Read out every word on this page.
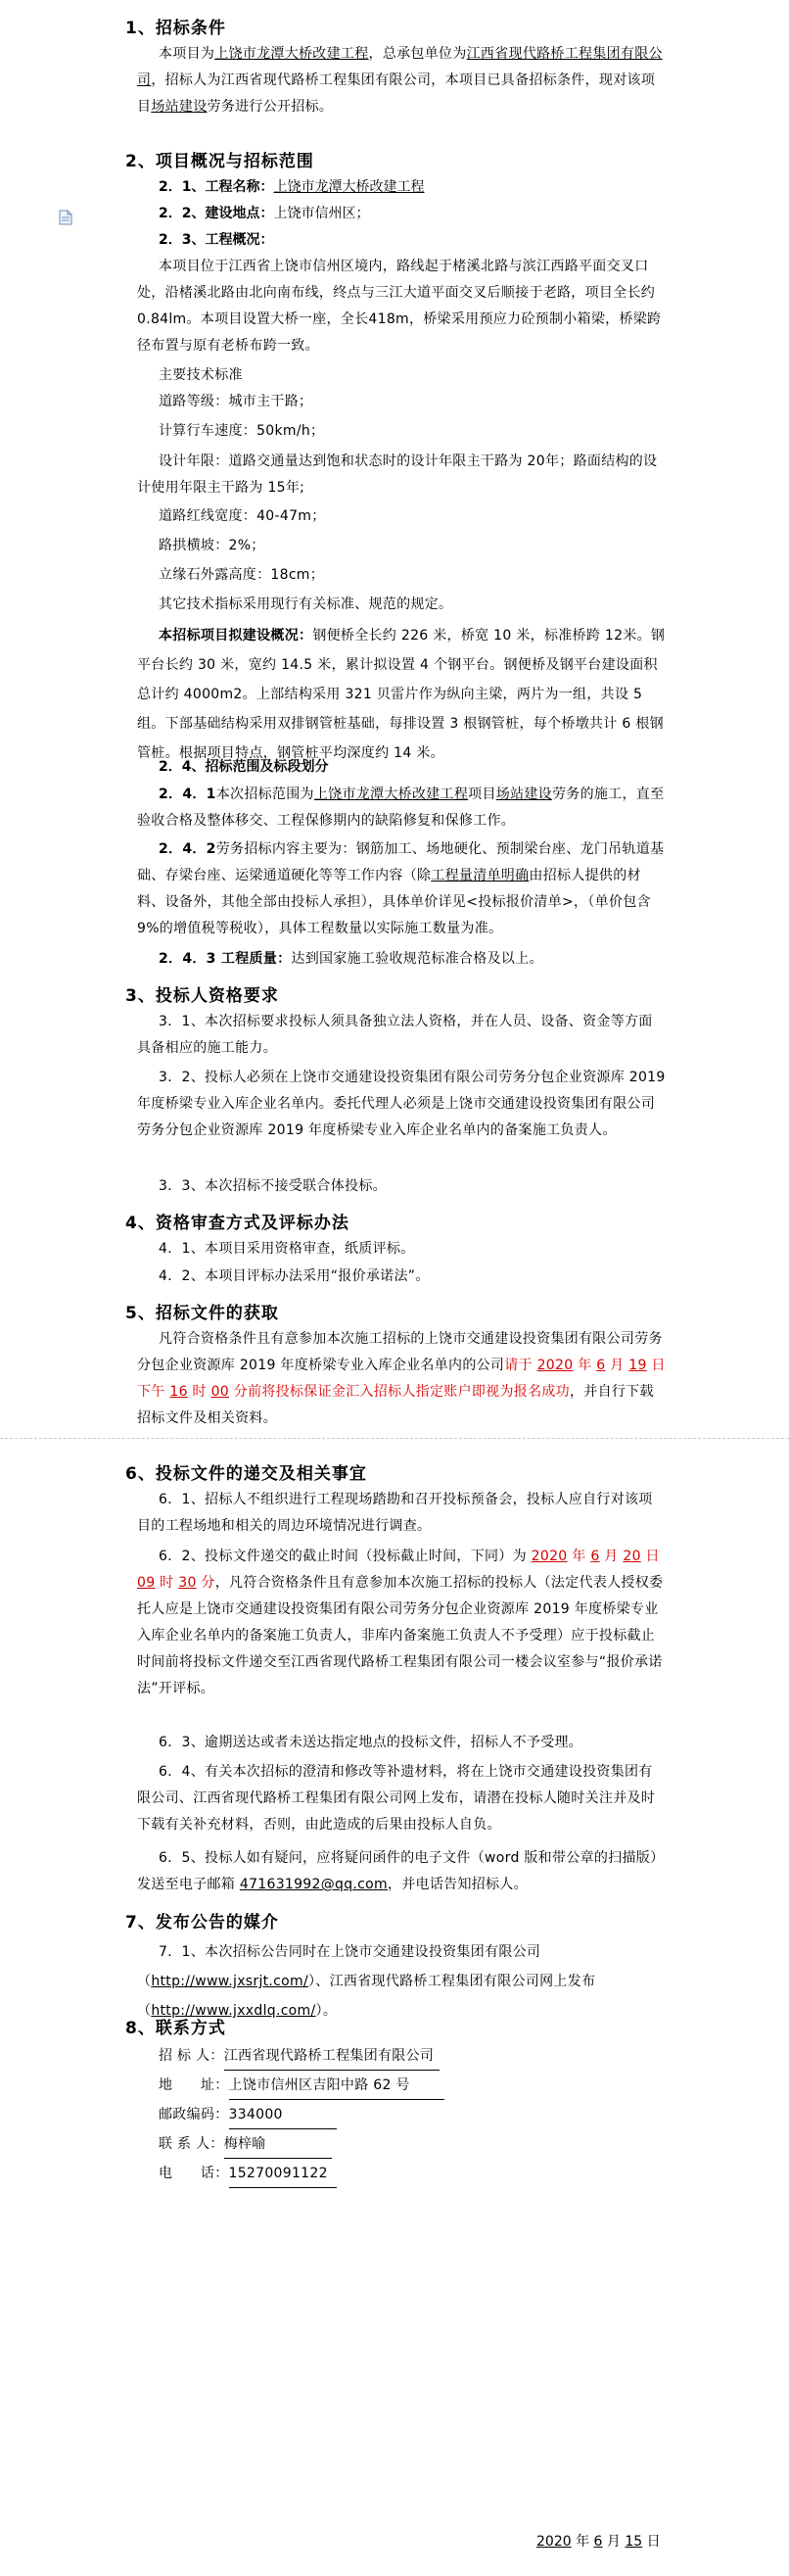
1、招标条件

本项目为上饶市龙潭大桥改建工程，总承包单位为江西省现代路桥工程集团有限公司，招标人为江西省现代路桥工程集团有限公司，本项目已具备招标条件，现对该项目场站建设劳务进行公开招标。

2、项目概况与招标范围
2．1、工程名称：上饶市龙潭大桥改建工程
2．2、建设地点：上饶市信州区；
2．3、工程概况：

本项目位于江西省上饶市信州区境内，路线起于楮溪北路与滨江西路平面交叉口处，沿楮溪北路由北向南布线，终点与三江大道平面交叉后顺接于老路，项目全长约0.84lm。本项目设置大桥一座，全长418m，桥梁采用预应力砼预制小箱梁，桥梁跨径布置与原有老桥布跨一致。

主要技术标准
道路等级：城市主干路；
计算行车速度：50km/h；

设计年限：道路交通量达到饱和状态时的设计年限主干路为 20年；路面结构的设计使用年限主干路为 15年;

道路红线宽度：40-47m；
路拱横坡：2%；
立缘石外露高度：18cm；
其它技术指标采用现行有关标准、规范的规定。

本招标项目拟建设概况：钢便桥全长约 226 米，桥宽 10 米，标准桥跨 12米。钢平台长约 30 米，宽约 14.5 米，累计拟设置 4 个钢平台。钢便桥及钢平台建设面积总计约 4000m2。上部结构采用 321 贝雷片作为纵向主梁，两片为一组，共设 5 组。下部基础结构采用双排钢管桩基础，每排设置 3 根钢管桩，每个桥墩共计 6 根钢管桩。根据项目特点，钢管桩平均深度约 14 米。

2．4、招标范围及标段划分

2．4．1本次招标范围为上饶市龙潭大桥改建工程项目场站建设劳务的施工，直至验收合格及整体移交、工程保修期内的缺陷修复和保修工作。

2．4．2劳务招标内容主要为：钢筋加工、场地硬化、预制梁台座、龙门吊轨道基础、存梁台座、运梁通道硬化等等工作内容（除工程量清单明确由招标人提供的材料、设备外，其他全部由投标人承担），具体单价详见<投标报价清单>，（单价包含 9%的增值税等税收），具体工程数量以实际施工数量为准。

2．4．3 工程质量：达到国家施工验收规范标准合格及以上。
3、投标人资格要求

3．1、本次招标要求投标人须具备独立法人资格，并在人员、设备、资金等方面具备相应的施工能力。

3．2、投标人必须在上饶市交通建设投资集团有限公司劳务分包企业资源库 2019 年度桥梁专业入库企业名单内。委托代理人必须是上饶市交通建设投资集团有限公司劳务分包企业资源库 2019 年度桥梁专业入库企业名单内的备案施工负责人。

3．3、本次招标不接受联合体投标。
4、资格审查方式及评标办法
4．1、本项目采用资格审查，纸质评标。
4．2、本项目评标办法采用“报价承诺法”。
5、招标文件的获取

凡符合资格条件且有意参加本次施工招标的上饶市交通建设投资集团有限公司劳务分包企业资源库 2019 年度桥梁专业入库企业名单内的公司请于 2020 年 6 月 19 日下午 16 时 00 分前将投标保证金汇入招标人指定账户即视为报名成功，并自行下载招标文件及相关资料。

6、投标文件的递交及相关事宜

6．1、招标人不组织进行工程现场踏勘和召开投标预备会，投标人应自行对该项目的工程场地和相关的周边环境情况进行调查。

6．2、投标文件递交的截止时间（投标截止时间，下同）为 2020 年 6 月 20 日 09 时 30 分，凡符合资格条件且有意参加本次施工招标的投标人（法定代表人授权委托人应是上饶市交通建设投资集团有限公司劳务分包企业资源库 2019 年度桥梁专业入库企业名单内的备案施工负责人，非库内备案施工负责人不予受理）应于投标截止时间前将投标文件递交至江西省现代路桥工程集团有限公司一楼会议室参与“报价承诺法”开评标。

6．3、逾期送达或者未送达指定地点的投标文件，招标人不予受理。

6．4、有关本次招标的澄清和修改等补遗材料，将在上饶市交通建设投资集团有限公司、江西省现代路桥工程集团有限公司网上发布，请潜在投标人随时关注并及时下载有关补充材料，否则，由此造成的后果由投标人自负。

6．5、投标人如有疑问，应将疑问函件的电子文件（word 版和带公章的扫描版）发送至电子邮箱 471631992@qq.com，并电话告知招标人。

7、发布公告的媒介

7．1、本次招标公告同时在上饶市交通建设投资集团有限公司（http://www.jxsrjt.com/）、江西省现代路桥工程集团有限公司网上发布（http://www.jxxdlq.com/）。

8、联系方式
招 标 人：江西省现代路桥工程集团有限公司
地　　址：上饶市信州区吉阳中路 62 号
邮政编码：334000
联 系 人：梅梓喻
电　　话：15270091122
2020 年 6 月 15 日
